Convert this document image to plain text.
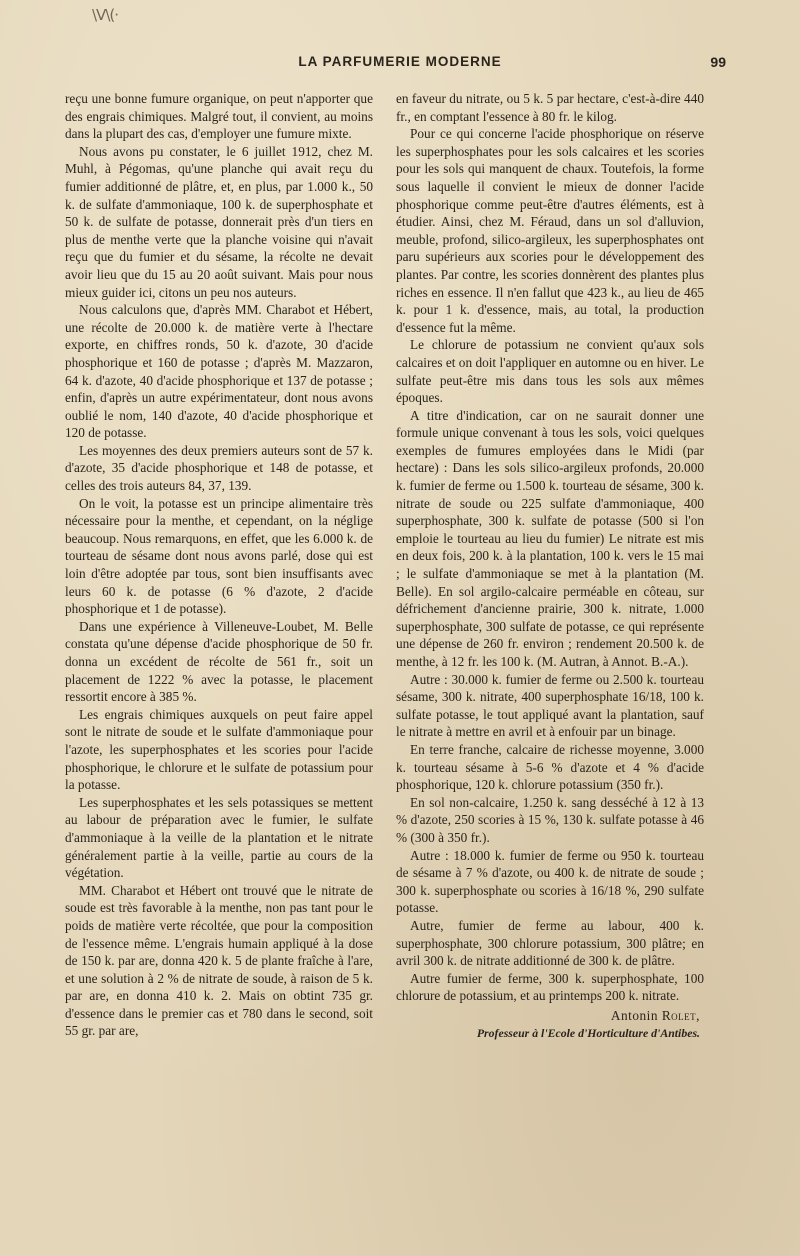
\V\(·
LA PARFUMERIE MODERNE	99

reçu une bonne fumure organique, on peut n'apporter que des engrais chimiques. Malgré tout, il convient, au moins dans la plupart des cas, d'employer une fumure mixte.

Nous avons pu constater, le 6 juillet 1912, chez M. Muhl, à Pégomas, qu'une planche qui avait reçu du fumier additionné de plâtre, et, en plus, par 1.000 k., 50 k. de sulfate d'ammoniaque, 100 k. de superphosphate et 50 k. de sulfate de potasse, donnerait près d'un tiers en plus de menthe verte que la planche voisine qui n'avait reçu que du fumier et du sésame, la récolte ne devait avoir lieu que du 15 au 20 août suivant. Mais pour nous mieux guider ici, citons un peu nos auteurs.

Nous calculons que, d'après MM. Charabot et Hébert, une récolte de 20.000 k. de matière verte à l'hectare exporte, en chiffres ronds, 50 k. d'azote, 30 d'acide phosphorique et 160 de potasse ; d'après M. Mazzaron, 64 k. d'azote, 40 d'acide phosphorique et 137 de potasse ; enfin, d'après un autre expérimentateur, dont nous avons oublié le nom, 140 d'azote, 40 d'acide phosphorique et 120 de potasse.

Les moyennes des deux premiers auteurs sont de 57 k. d'azote, 35 d'acide phosphorique et 148 de potasse, et celles des trois auteurs 84, 37, 139.

On le voit, la potasse est un principe alimentaire très nécessaire pour la menthe, et cependant, on la néglige beaucoup. Nous remarquons, en effet, que les 6.000 k. de tourteau de sésame dont nous avons parlé, dose qui est loin d'être adoptée par tous, sont bien insuffisants avec leurs 60 k. de potasse (6 % d'azote, 2 d'acide phosphorique et 1 de potasse).

Dans une expérience à Villeneuve-Loubet, M. Belle constata qu'une dépense d'acide phosphorique de 50 fr. donna un excédent de récolte de 561 fr., soit un placement de 1222 % avec la potasse, le placement ressortit encore à 385 %.

Les engrais chimiques auxquels on peut faire appel sont le nitrate de soude et le sulfate d'ammoniaque pour l'azote, les superphosphates et les scories pour l'acide phosphorique, le chlorure et le sulfate de potassium pour la potasse.

Les superphosphates et les sels potassiques se mettent au labour de préparation avec le fumier, le sulfate d'ammoniaque à la veille de la plantation et le nitrate généralement partie à la veille, partie au cours de la végétation.

MM. Charabot et Hébert ont trouvé que le nitrate de soude est très favorable à la menthe, non pas tant pour le poids de matière verte récoltée, que pour la composition de l'essence même. L'engrais humain appliqué à la dose de 150 k. par are, donna 420 k. 5 de plante fraîche à l'are, et une solution à 2 % de nitrate de soude, à raison de 5 k. par are, en donna 410 k. 2. Mais on obtint 735 gr. d'essence dans le premier cas et 780 dans le second, soit 55 gr. par are,

en faveur du nitrate, ou 5 k. 5 par hectare, c'est-à-dire 440 fr., en comptant l'essence à 80 fr. le kilog.

Pour ce qui concerne l'acide phosphorique on réserve les superphosphates pour les sols calcaires et les scories pour les sols qui manquent de chaux. Toutefois, la forme sous laquelle il convient le mieux de donner l'acide phosphorique comme peut-être d'autres éléments, est à étudier. Ainsi, chez M. Féraud, dans un sol d'alluvion, meuble, profond, silico-argileux, les superphosphates ont paru supérieurs aux scories pour le développement des plantes. Par contre, les scories donnèrent des plantes plus riches en essence. Il n'en fallut que 423 k., au lieu de 465 k. pour 1 k. d'essence, mais, au total, la production d'essence fut la même.

Le chlorure de potassium ne convient qu'aux sols calcaires et on doit l'appliquer en automne ou en hiver. Le sulfate peut-être mis dans tous les sols aux mêmes époques.

A titre d'indication, car on ne saurait donner une formule unique convenant à tous les sols, voici quelques exemples de fumures employées dans le Midi (par hectare) : Dans les sols silico-argileux profonds, 20.000 k. fumier de ferme ou 1.500 k. tourteau de sésame, 300 k. nitrate de soude ou 225 sulfate d'ammoniaque, 400 superphosphate, 300 k. sulfate de potasse (500 si l'on emploie le tourteau au lieu du fumier) Le nitrate est mis en deux fois, 200 k. à la plantation, 100 k. vers le 15 mai ; le sulfate d'ammoniaque se met à la plantation (M. Belle). En sol argilo-calcaire perméable en côteau, sur défrichement d'ancienne prairie, 300 k. nitrate, 1.000 superphosphate, 300 sulfate de potasse, ce qui représente une dépense de 260 fr. environ ; rendement 20.500 k. de menthe, à 12 fr. les 100 k. (M. Autran, à Annot. B.-A.).

Autre : 30.000 k. fumier de ferme ou 2.500 k. tourteau sésame, 300 k. nitrate, 400 superphosphate 16/18, 100 k. sulfate potasse, le tout appliqué avant la plantation, sauf le nitrate à mettre en avril et à enfouir par un binage.

En terre franche, calcaire de richesse moyenne, 3.000 k. tourteau sésame à 5-6 % d'azote et 4 % d'acide phosphorique, 120 k. chlorure potassium (350 fr.).

En sol non-calcaire, 1.250 k. sang desséché à 12 à 13 % d'azote, 250 scories à 15 %, 130 k. sulfate potasse à 46 % (300 à 350 fr.).

Autre : 18.000 k. fumier de ferme ou 950 k. tourteau de sésame à 7 % d'azote, ou 400 k. de nitrate de soude ; 300 k. superphosphate ou scories à 16/18 %, 290 sulfate potasse.

Autre, fumier de ferme au labour, 400 k. superphosphate, 300 chlorure potassium, 300 plâtre; en avril 300 k. de nitrate additionné de 300 k. de plâtre.

Autre fumier de ferme, 300 k. superphosphate, 100 chlorure de potassium, et au printemps 200 k. nitrate.

Antonin Rolet,
Professeur à l'Ecole d'Horticulture d'Antibes.
